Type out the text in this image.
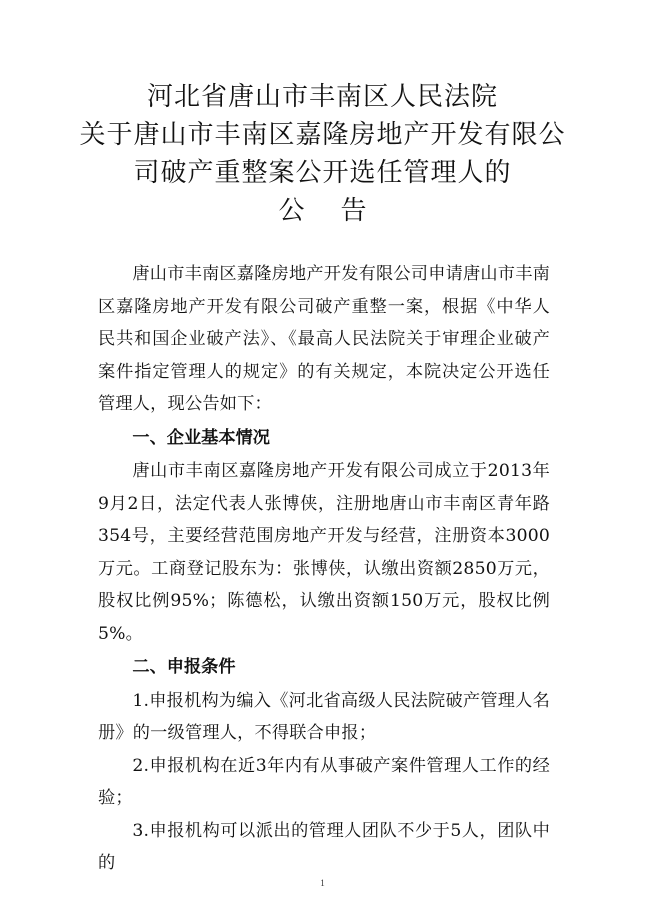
河北省唐山市丰南区人民法院
关于唐山市丰南区嘉隆房地产开发有限公
司破产重整案公开选任管理人的
公告

唐山市丰南区嘉隆房地产开发有限公司申请唐山市丰南区嘉隆房地产开发有限公司破产重整一案，根据《中华人民共和国企业破产法》、《最高人民法院关于审理企业破产案件指定管理人的规定》的有关规定，本院决定公开选任管理人，现公告如下：

一、企业基本情况

唐山市丰南区嘉隆房地产开发有限公司成立于2013年9月2日，法定代表人张博侠，注册地唐山市丰南区青年路354号，主要经营范围房地产开发与经营，注册资本3000万元。工商登记股东为：张博侠，认缴出资额2850万元，股权比例95%；陈德松，认缴出资额150万元，股权比例5%。

二、申报条件

1.申报机构为编入《河北省高级人民法院破产管理人名册》的一级管理人，不得联合申报；

2.申报机构在近3年内有从事破产案件管理人工作的经验；

3.申报机构可以派出的管理人团队不少于5人，团队中的

1
